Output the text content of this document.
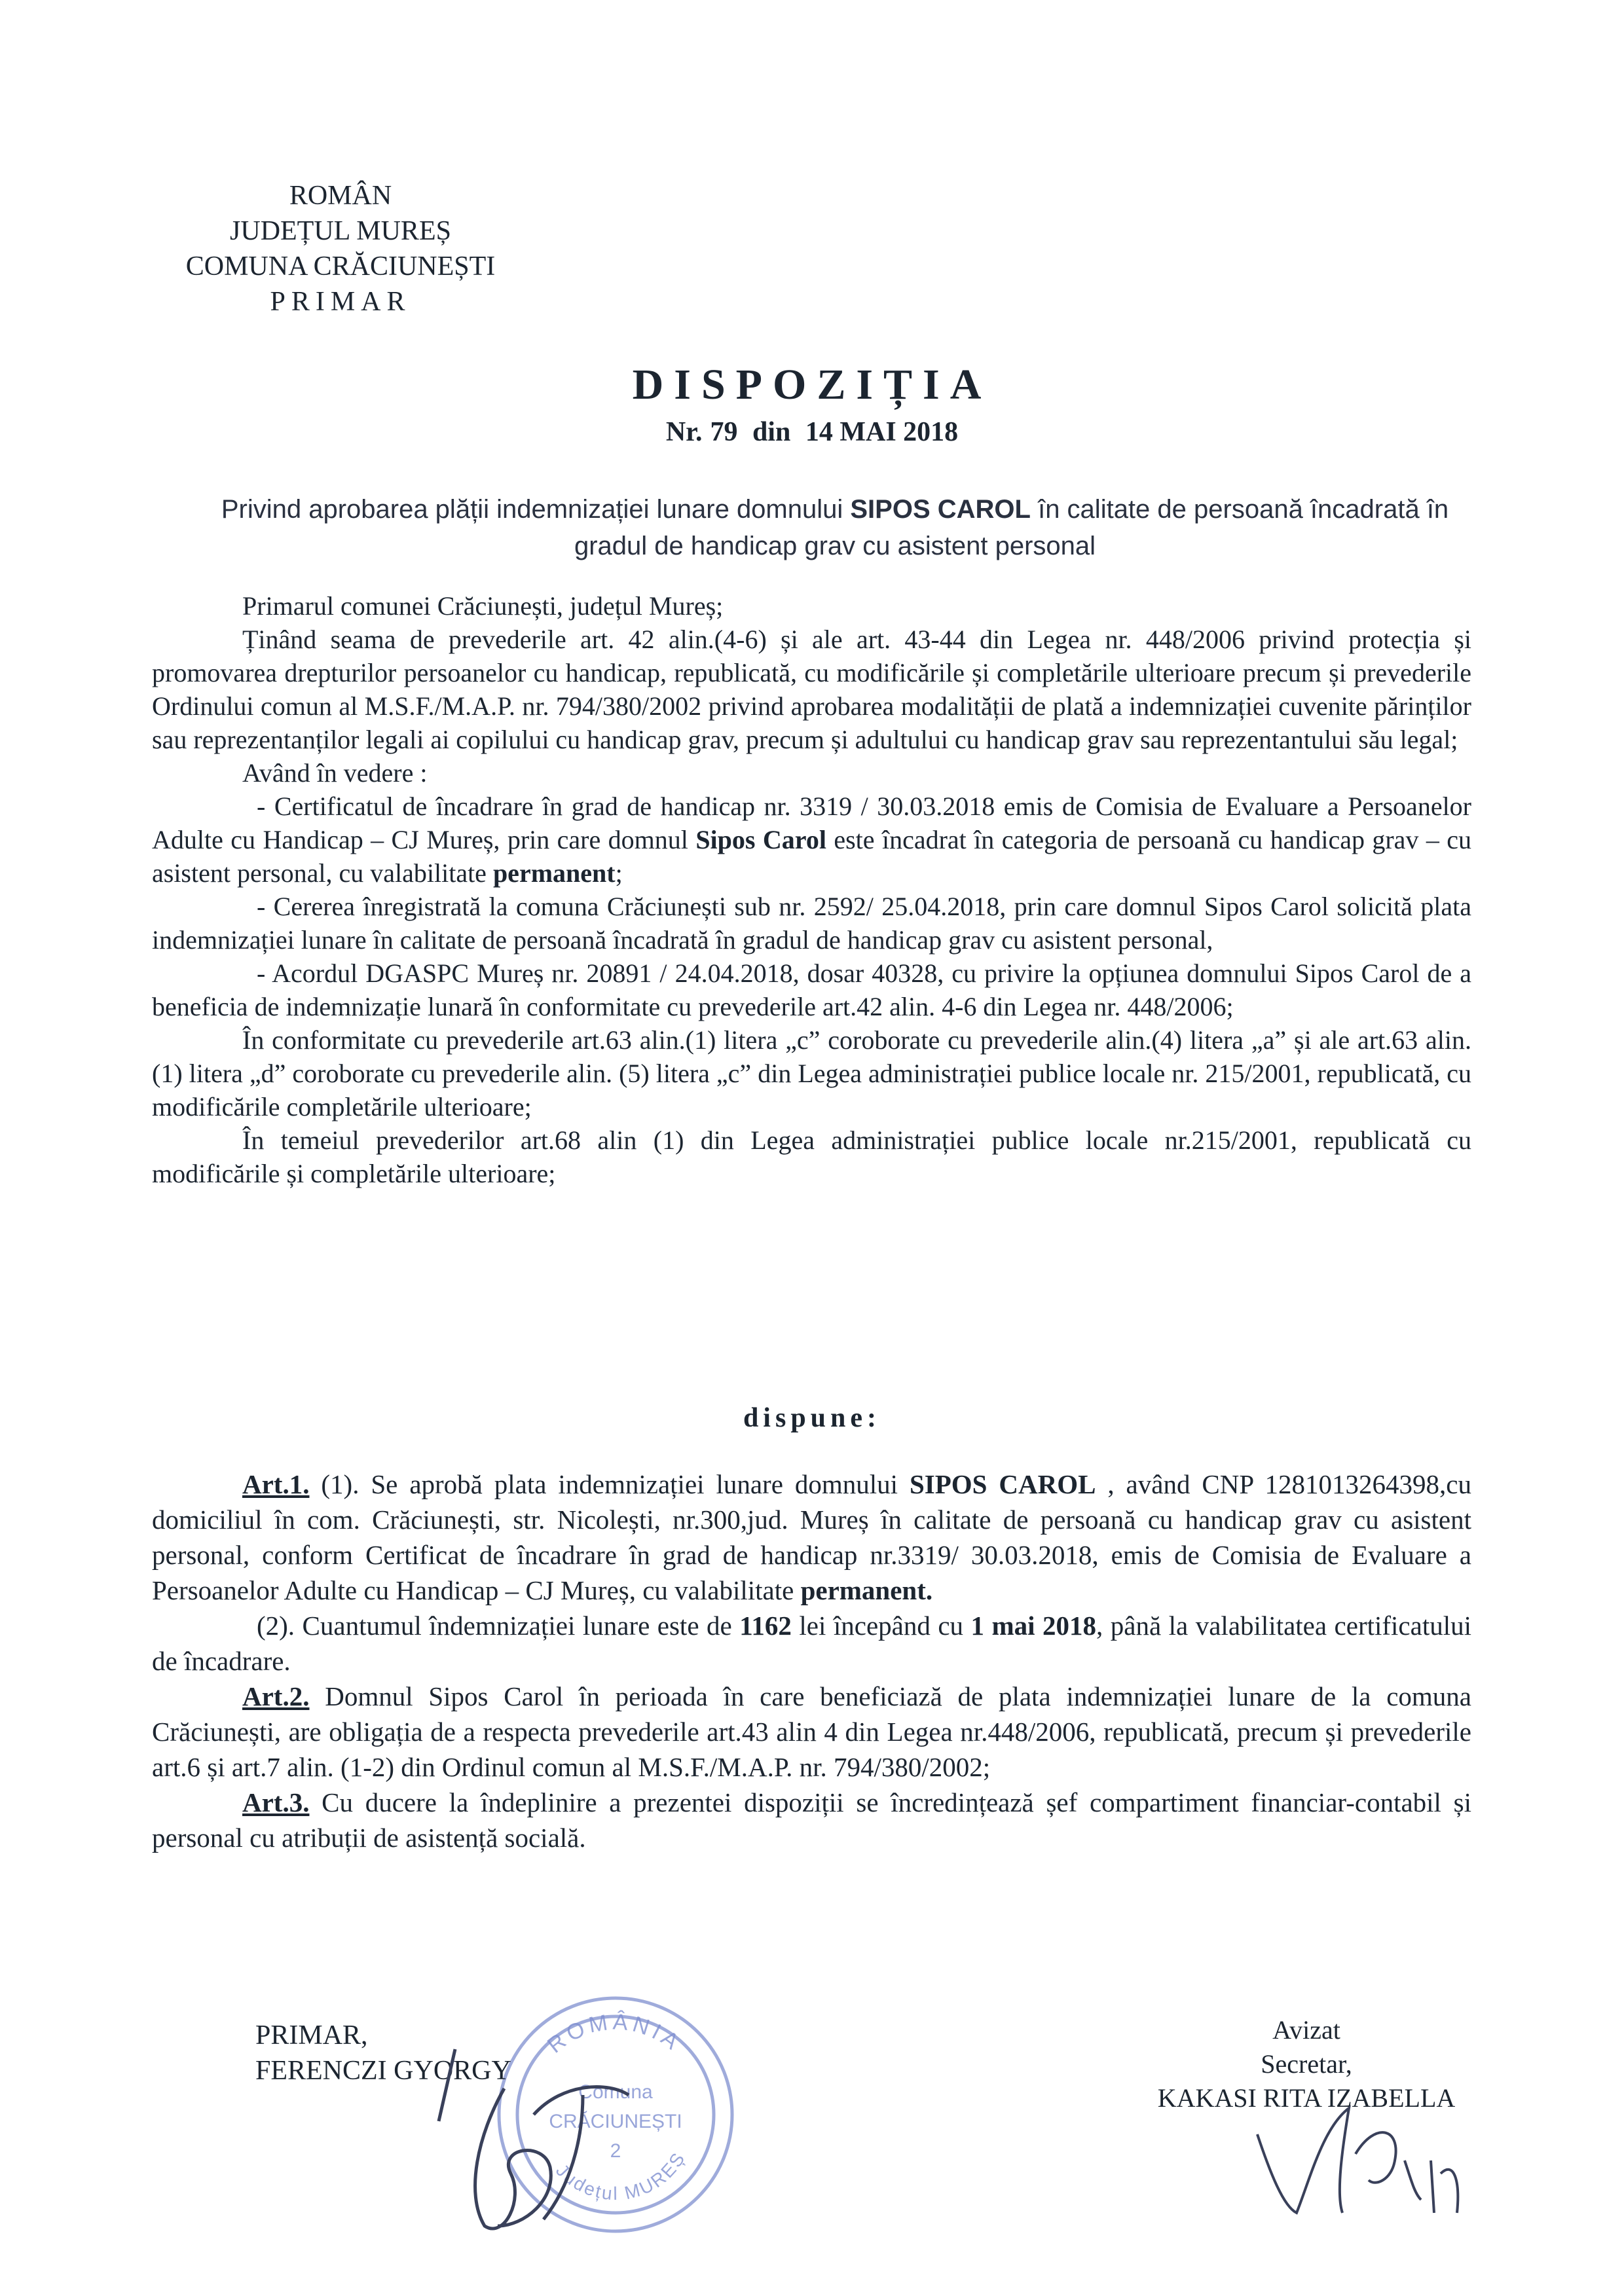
ROMÂN
JUDEȚUL MUREȘ
COMUNA CRĂCIUNEȘTI
PRIMAR
DISPOZIȚIA
Nr. 79 din 14 MAI 2018
Privind aprobarea plății indemnizației lunare domnului SIPOS CAROL în calitate de persoană încadrată în gradul de handicap grav cu asistent personal

Primarul comunei Crăciunești, județul Mureș;

Ținând seama de prevederile art. 42 alin.(4-6) și ale art. 43-44 din Legea nr. 448/2006 privind protecția și promovarea drepturilor persoanelor cu handicap, republicată, cu modificările și completările ulterioare precum și prevederile Ordinului comun al M.S.F./M.A.P. nr. 794/380/2002 privind aprobarea modalității de plată a indemnizației cuvenite părinților sau reprezentanților legali ai copilului cu handicap grav, precum și adultului cu handicap grav sau reprezentantului său legal;

Având în vedere :

- Certificatul de încadrare în grad de handicap nr. 3319 / 30.03.2018 emis de Comisia de Evaluare a Persoanelor Adulte cu Handicap – CJ Mureș, prin care domnul Sipos Carol este încadrat în categoria de persoană cu handicap grav – cu asistent personal, cu valabilitate permanent;

- Cererea înregistrată la comuna Crăciunești sub nr. 2592/ 25.04.2018, prin care domnul Sipos Carol solicită plata indemnizației lunare în calitate de persoană încadrată în gradul de handicap grav cu asistent personal,

- Acordul DGASPC Mureș nr. 20891 / 24.04.2018, dosar 40328, cu privire la opțiunea domnului Sipos Carol de a beneficia de indemnizație lunară în conformitate cu prevederile art.42 alin. 4-6 din Legea nr. 448/2006;

În conformitate cu prevederile art.63 alin.(1) litera „c” coroborate cu prevederile alin.(4) litera „a” și ale art.63 alin. (1) litera „d” coroborate cu prevederile alin. (5) litera „c” din Legea administrației publice locale nr. 215/2001, republicată, cu modificările completările ulterioare;

În temeiul prevederilor art.68 alin (1) din Legea administrației publice locale nr.215/2001, republicată cu modificările și completările ulterioare;

dispune:

Art.1. (1). Se aprobă plata indemnizației lunare domnului SIPOS CAROL , având CNP 1281013264398,cu domiciliul în com. Crăciunești, str. Nicolești, nr.300,jud. Mureș în calitate de persoană cu handicap grav cu asistent personal, conform Certificat de încadrare în grad de handicap nr.3319/ 30.03.2018, emis de Comisia de Evaluare a Persoanelor Adulte cu Handicap – CJ Mureș, cu valabilitate permanent.

(2). Cuantumul îndemnizației lunare este de 1162 lei începând cu 1 mai 2018, până la valabilitatea certificatului de încadrare.

Art.2. Domnul Sipos Carol în perioada în care beneficiază de plata indemnizației lunare de la comuna Crăciunești, are obligația de a respecta prevederile art.43 alin 4 din Legea nr.448/2006, republicată, precum și prevederile art.6 și art.7 alin. (1-2) din Ordinul comun al M.S.F./M.A.P. nr. 794/380/2002;

Art.3. Cu ducere la îndeplinire a prezentei dispoziții se încredințează șef compartiment financiar-contabil și personal cu atribuții de asistență socială.

ROMÂNIA
Comuna
CRĂCIUNEȘTI
2
Județul MUREȘ
PRIMAR,
FERENCZI GYORGY
Avizat
Secretar,
KAKASI RITA IZABELLA
